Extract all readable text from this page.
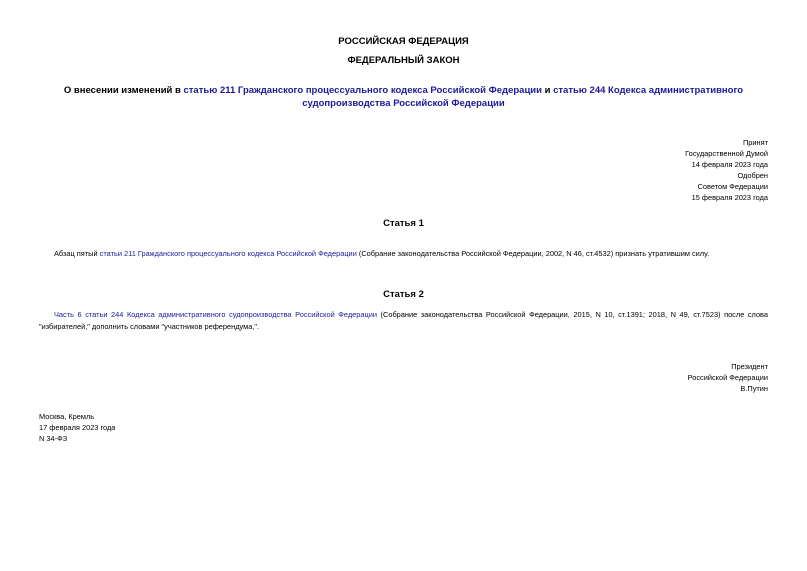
РОССИЙСКАЯ ФЕДЕРАЦИЯ
ФЕДЕРАЛЬНЫЙ ЗАКОН
О внесении изменений в статью 211 Гражданского процессуального кодекса Российской Федерации и статью 244 Кодекса административного судопроизводства Российской Федерации
Принят
Государственной Думой
14 февраля 2023 года
Одобрен
Советом Федерации
15 февраля 2023 года
Статья 1
Абзац пятый статьи 211 Гражданского процессуального кодекса Российской Федерации (Собрание законодательства Российской Федерации, 2002, N 46, ст.4532) признать утратившим силу.
Статья 2
Часть 6 статьи 244 Кодекса административного судопроизводства Российской Федерации (Собрание законодательства Российской Федерации, 2015, N 10, ст.1391; 2018, N 49, ст.7523) после слова "избирателей," дополнить словами "участников референдума,".
Президент
Российской Федерации
В.Путин
Москва, Кремль
17 февраля 2023 года
N 34-ФЗ
